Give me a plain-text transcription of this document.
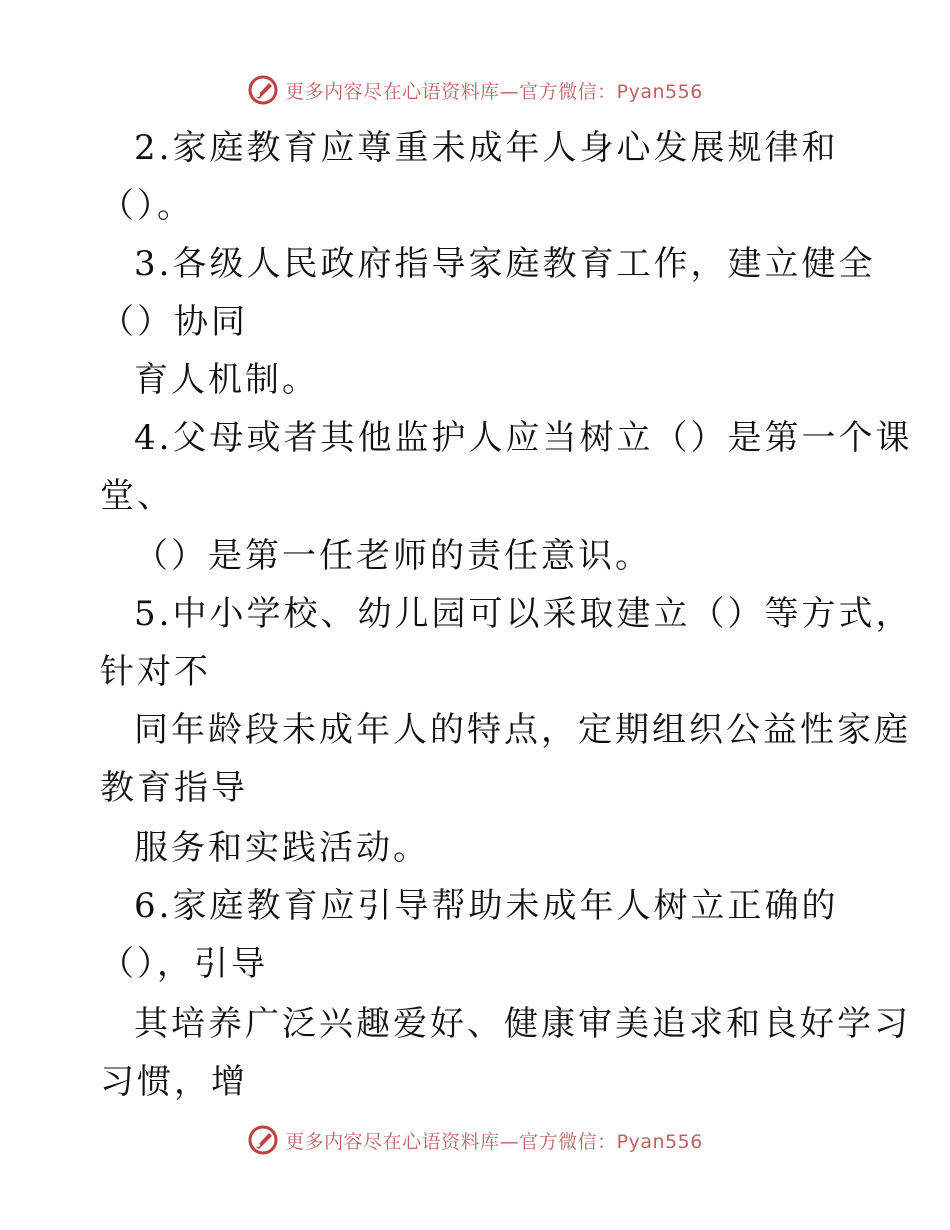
更多内容尽在心语资料库—官方微信：Pyan556
2.家庭教育应尊重未成年人身心发展规律和
（）。
3.各级人民政府指导家庭教育工作，建立健全
（）协同
育人机制。
4.父母或者其他监护人应当树立（）是第一个课
堂、
（）是第一任老师的责任意识。
5.中小学校、幼儿园可以采取建立（）等方式，
针对不
同年龄段未成年人的特点，定期组织公益性家庭
教育指导
服务和实践活动。
6.家庭教育应引导帮助未成年人树立正确的
（），引导
其培养广泛兴趣爱好、健康审美追求和良好学习
习惯，增
更多内容尽在心语资料库—官方微信：Pyan556
